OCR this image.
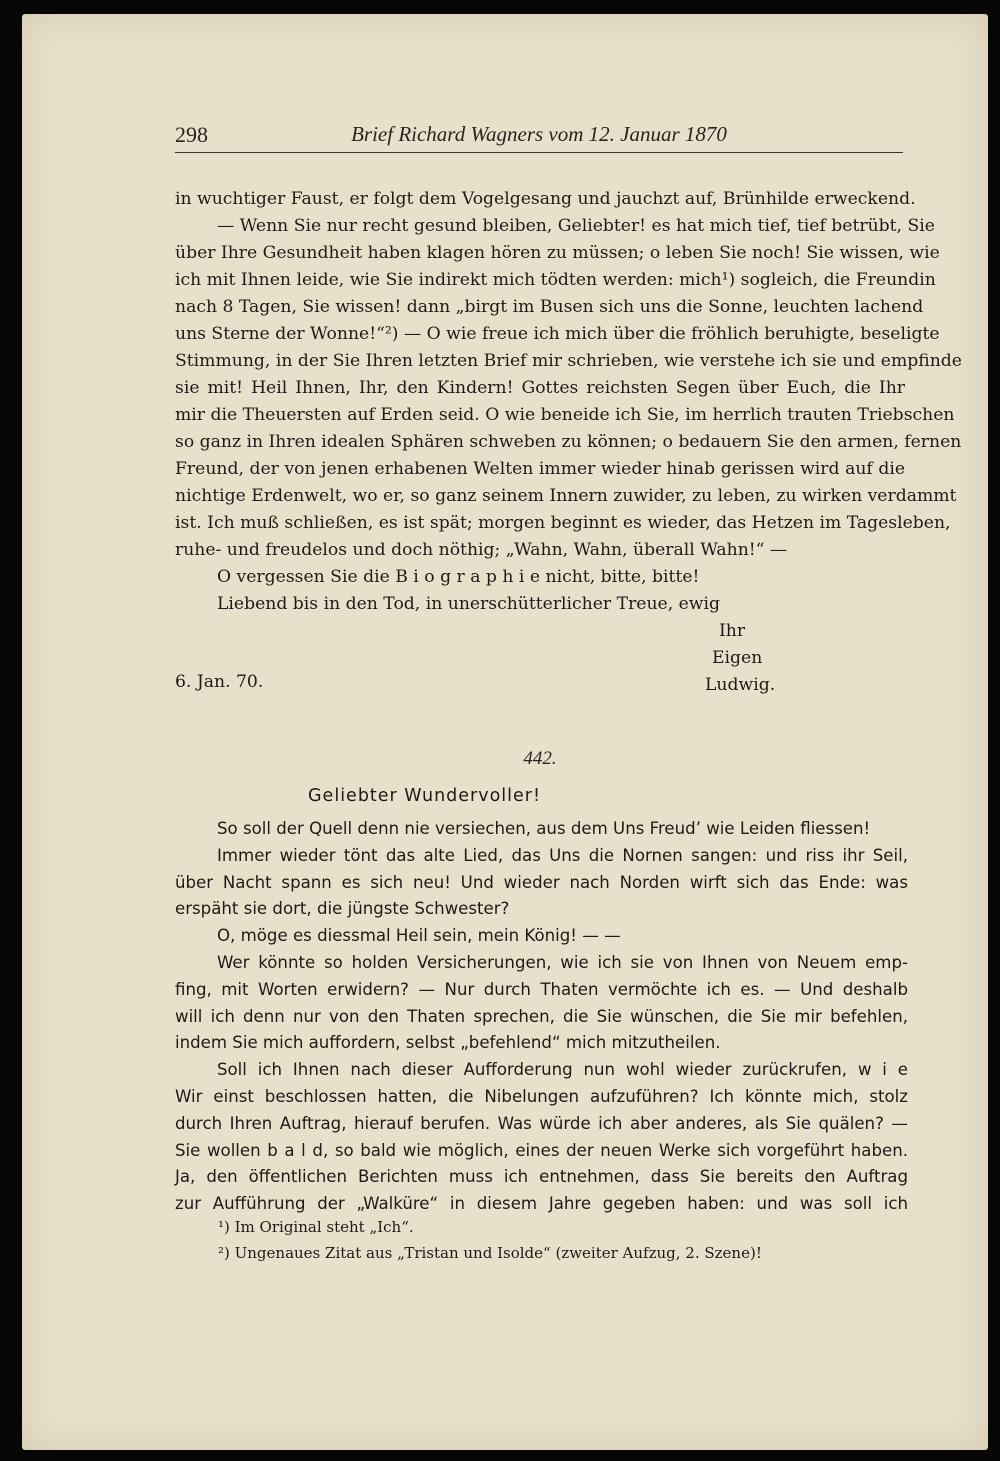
298	Brief Richard Wagners vom 12. Januar 1870
in wuchtiger Faust, er folgt dem Vogelgesang und jauchzt auf, Brünhilde erweckend.
— Wenn Sie nur recht gesund bleiben, Geliebter! es hat mich tief, tief betrübt, Sie
über Ihre Gesundheit haben klagen hören zu müssen; o leben Sie noch! Sie wissen, wie
ich mit Ihnen leide, wie Sie indirekt mich tödten werden: mich¹) sogleich, die Freundin
nach 8 Tagen, Sie wissen! dann „birgt im Busen sich uns die Sonne, leuchten lachend
uns Sterne der Wonne!“²) — O wie freue ich mich über die fröhlich beruhigte, beseligte
Stimmung, in der Sie Ihren letzten Brief mir schrieben, wie verstehe ich sie und empfinde
sie mit! Heil Ihnen, Ihr, den Kindern! Gottes reichsten Segen über Euch, die Ihr
mir die Theuersten auf Erden seid. O wie beneide ich Sie, im herrlich trauten Triebschen
so ganz in Ihren idealen Sphären schweben zu können; o bedauern Sie den armen, fernen
Freund, der von jenen erhabenen Welten immer wieder hinab gerissen wird auf die
nichtige Erdenwelt, wo er, so ganz seinem Innern zuwider, zu leben, zu wirken verdammt
ist. Ich muß schließen, es ist spät; morgen beginnt es wieder, das Hetzen im Tagesleben,
ruhe- und freudelos und doch nöthig; „Wahn, Wahn, überall Wahn!“ —
O vergessen Sie die B i o g r a p h i e nicht, bitte, bitte!
Liebend bis in den Tod, in unerschütterlicher Treue, ewig
Ihr
Eigen
Ludwig.
6. Jan. 70.
442.
Geliebter Wundervoller!
So soll der Quell denn nie versiechen, aus dem Uns Freud’ wie Leiden fliessen!
Immer wieder tönt das alte Lied, das Uns die Nornen sangen: und riss ihr Seil,
über Nacht spann es sich neu! Und wieder nach Norden wirft sich das Ende: was
erspäht sie dort, die jüngste Schwester?
O, möge es diessmal Heil sein, mein König! — —
Wer könnte so holden Versicherungen, wie ich sie von Ihnen von Neuem emp-
fing, mit Worten erwidern? — Nur durch Thaten vermöchte ich es. — Und deshalb
will ich denn nur von den Thaten sprechen, die Sie wünschen, die Sie mir befehlen,
indem Sie mich auffordern, selbst „befehlend“ mich mitzutheilen.
Soll ich Ihnen nach dieser Aufforderung nun wohl wieder zurückrufen, w i e
Wir einst beschlossen hatten, die Nibelungen aufzuführen? Ich könnte mich, stolz
durch Ihren Auftrag, hierauf berufen. Was würde ich aber anderes, als Sie quälen? —
Sie wollen b a l d, so bald wie möglich, eines der neuen Werke sich vorgeführt haben.
Ja, den öffentlichen Berichten muss ich entnehmen, dass Sie bereits den Auftrag
zur Aufführung der „Walküre“ in diesem Jahre gegeben haben: und was soll ich
¹) Im Original steht „Ich“.
²) Ungenaues Zitat aus „Tristan und Isolde“ (zweiter Aufzug, 2. Szene)!
